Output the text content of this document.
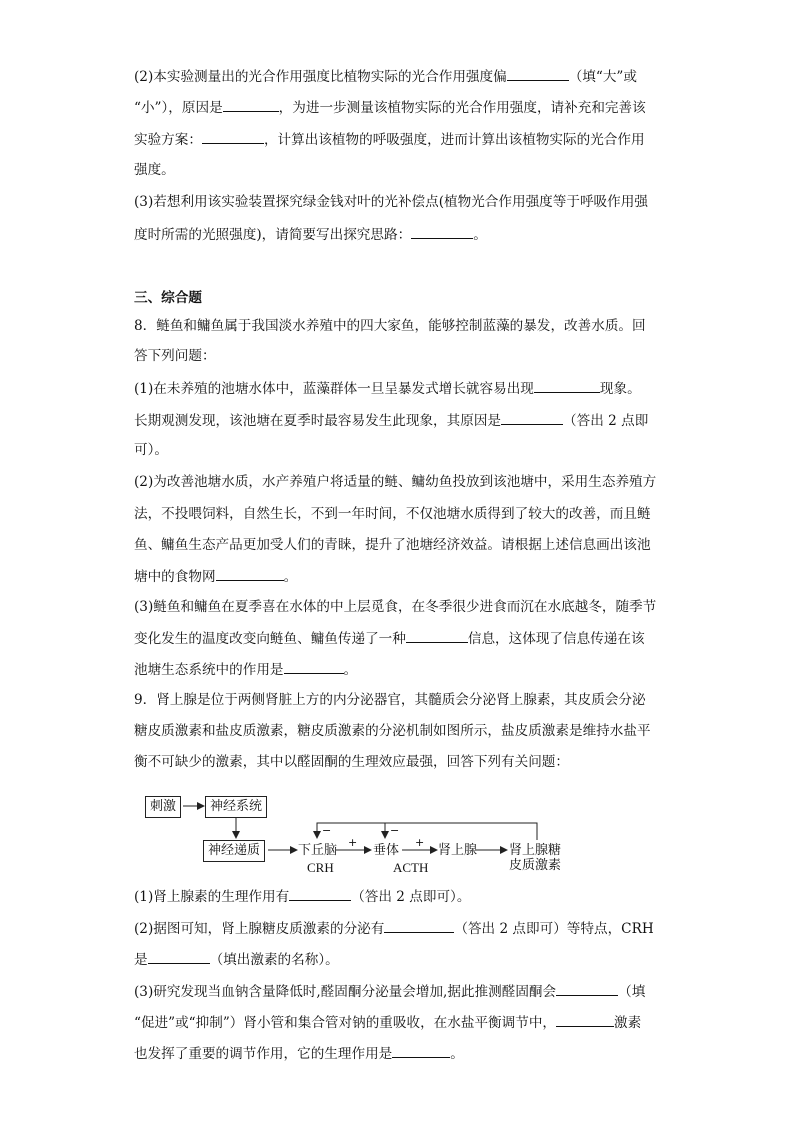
(2)本实验测量出的光合作用强度比植物实际的光合作用强度偏	（填“大”或
“小”），原因是	，为进一步测量该植物实际的光合作用强度，请补充和完善该
实验方案：	，计算出该植物的呼吸强度，进而计算出该植物实际的光合作用
强度。
(3)若想利用该实验装置探究绿金钱对叶的光补偿点(植物光合作用强度等于呼吸作用强
度时所需的光照强度)，请简要写出探究思路：	。
三、综合题
8．鲢鱼和鳙鱼属于我国淡水养殖中的四大家鱼，能够控制蓝藻的暴发，改善水质。回
答下列问题：
(1)在未养殖的池塘水体中，蓝藻群体一旦呈暴发式增长就容易出现	现象。
长期观测发现，该池塘在夏季时最容易发生此现象，其原因是	（答出 2 点即
可）。
(2)为改善池塘水质，水产养殖户将适量的鲢、鳙幼鱼投放到该池塘中，采用生态养殖方
法，不投喂饲料，自然生长，不到一年时间，不仅池塘水质得到了较大的改善，而且鲢
鱼、鳙鱼生态产品更加受人们的青睐，提升了池塘经济效益。请根据上述信息画出该池
塘中的食物网	。
(3)鲢鱼和鳙鱼在夏季喜在水体的中上层觅食，在冬季很少进食而沉在水底越冬，随季节
变化发生的温度改变向鲢鱼、鳙鱼传递了一种	信息，这体现了信息传递在该
池塘生态系统中的作用是	。
9．肾上腺是位于两侧肾脏上方的内分泌器官，其髓质会分泌肾上腺素，其皮质会分泌
糖皮质激素和盐皮质激素，糖皮质激素的分泌机制如图所示，盐皮质激素是维持水盐平
衡不可缺少的激素，其中以醛固酮的生理效应最强，回答下列有关问题：
刺激	神经系统
神经递质	下丘脑	垂体	肾上腺 肾上腺糖
皮质激素
CRH	ACTH
+	+
−	−
(1)肾上腺素的生理作用有	（答出 2 点即可）。
(2)据图可知，肾上腺糖皮质激素的分泌有	（答出 2 点即可）等特点，CRH
是	（填出激素的名称）。
(3)研究发现当血钠含量降低时,醛固酮分泌量会增加,据此推测醛固酮会	（填
“促进”或“抑制”）肾小管和集合管对钠的重吸收，在水盐平衡调节中，	激素
也发挥了重要的调节作用，它的生理作用是	。
